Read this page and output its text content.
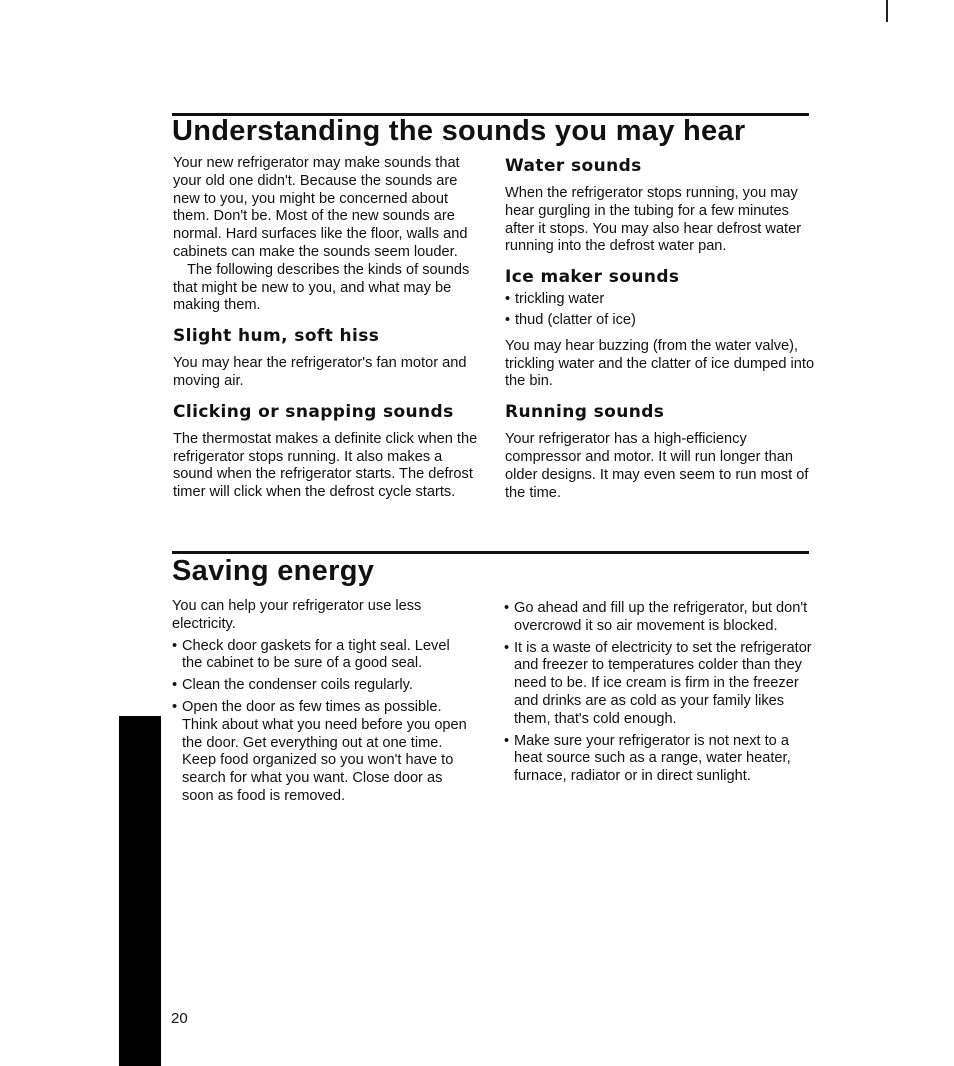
Understanding the sounds you may hear

Your new refrigerator may make sounds that your old one didn't. Because the sounds are new to you, you might be concerned about them. Don't be. Most of the new sounds are normal. Hard surfaces like the floor, walls and cabinets can make the sounds seem louder.

The following describes the kinds of sounds that might be new to you, and what may be making them.

Slight hum, soft hiss

You may hear the refrigerator's fan motor and moving air.

Clicking or snapping sounds

The thermostat makes a definite click when the refrigerator stops running. It also makes a sound when the refrigerator starts. The defrost timer will click when the defrost cycle starts.

Water sounds

When the refrigerator stops running, you may hear gurgling in the tubing for a few minutes after it stops. You may also hear defrost water running into the defrost water pan.

Ice maker sounds
• trickling water
• thud (clatter of ice)

You may hear buzzing (from the water valve), trickling water and the clatter of ice dumped into the bin.

Running sounds

Your refrigerator has a high-efficiency compressor and motor. It will run longer than older designs. It may even seem to run most of the time.

Saving energy

You can help your refrigerator use less electricity.

• Check door gaskets for a tight seal. Level the cabinet to be sure of a good seal.
• Clean the condenser coils regularly.
• Open the door as few times as possible. Think about what you need before you open the door. Get everything out at one time. Keep food organized so you won't have to search for what you want. Close door as soon as food is removed.
• Go ahead and fill up the refrigerator, but don't overcrowd it so air movement is blocked.
• It is a waste of electricity to set the refrigerator and freezer to temperatures colder than they need to be. If ice cream is firm in the freezer and drinks are as cold as your family likes them, that's cold enough.
• Make sure your refrigerator is not next to a heat source such as a range, water heater, furnace, radiator or in direct sunlight.
20
